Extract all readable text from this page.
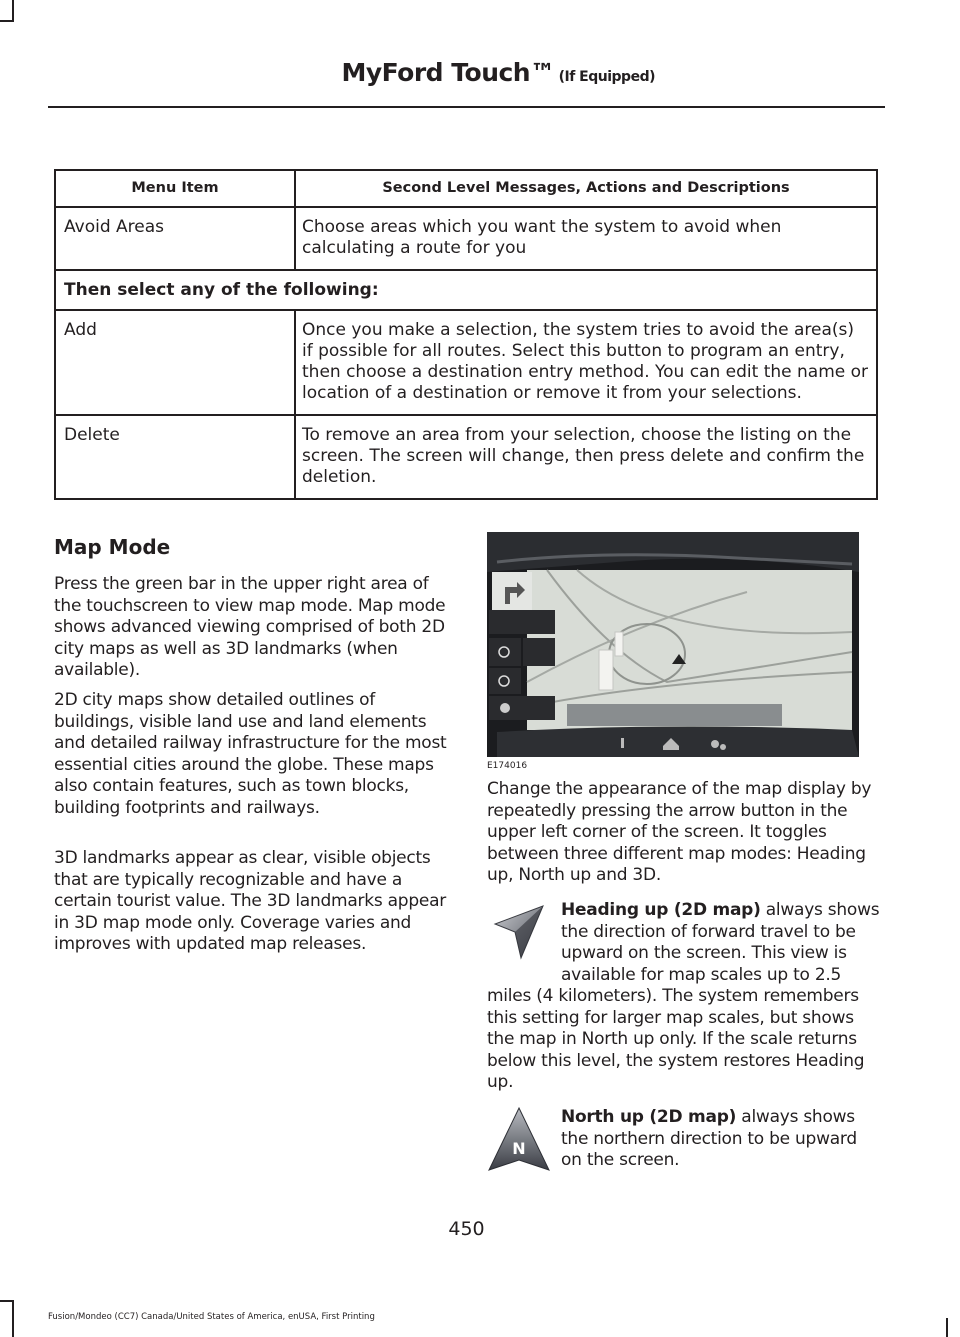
MyFord Touch™ (If Equipped)
Menu Item	Second Level Messages, Actions and Descriptions
Avoid Areas	Choose areas which you want the system to avoid when calculating a route for you
Then select any of the following:	
Add	Once you make a selection, the system tries to avoid the area(s) if possible for all routes. Select this button to program an entry, then choose a destination entry method. You can edit the name or location of a destination or remove it from your selections.
Delete	To remove an area from your selection, choose the listing on the screen. The screen will change, then press delete and confirm the deletion.
Map Mode

Press the green bar in the upper right area of the touchscreen to view map mode. Map mode shows advanced viewing comprised of both 2D city maps as well as 3D landmarks (when available).

2D city maps show detailed outlines of buildings, visible land use and land elements and detailed railway infrastructure for the most essential cities around the globe. These maps also contain features, such as town blocks, building footprints and railways.

3D landmarks appear as clear, visible objects that are typically recognizable and have a certain tourist value. The 3D landmarks appear in 3D map mode only. Coverage varies and improves with updated map releases.

E174016

Change the appearance of the map display by repeatedly pressing the arrow button in the upper left corner of the screen. It toggles between three different map modes: Heading up, North up and 3D.

Heading up (2D map) always shows the direction of forward travel to be upward on the screen. This view is available for map scales up to 2.5 miles (4 kilometers). The system remembers this setting for larger map scales, but shows the map in North up only. If the scale returns below this level, the system restores Heading up.

N

North up (2D map) always shows the northern direction to be upward on the screen.

450
Fusion/Mondeo (CC7) Canada/United States of America, enUSA, First Printing
